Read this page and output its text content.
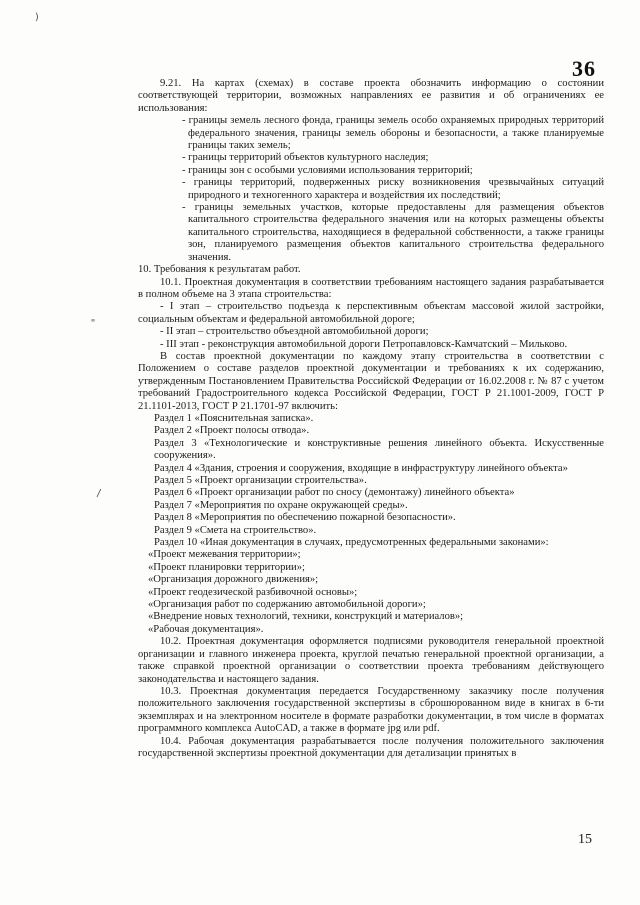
36
)
"
/

9.21. На картах (схемах) в составе проекта обозначить информацию о состоянии соответствующей территории, возможных направлениях ее развития и об ограничениях ее использования:

- границы земель лесного фонда, границы земель особо охраняемых природных территорий федерального значения, границы земель обороны и безопасности, а также планируемые границы таких земель;

- границы территорий объектов культурного наследия;

- границы зон с особыми условиями использования территорий;

- границы территорий, подверженных риску возникновения чрезвычайных ситуаций природного и техногенного характера и воздействия их последствий;

- границы земельных участков, которые предоставлены для размещения объектов капитального строительства федерального значения или на которых размещены объекты капитального строительства, находящиеся в федеральной собственности, а также границы зон, планируемого размещения объектов капитального строительства федерального значения.

10. Требования к результатам работ.

10.1. Проектная документация в соответствии требованиям настоящего задания разрабатывается в полном объеме на 3 этапа строительства:

- I этап – строительство подъезда к перспективным объектам массовой жилой застройки, социальным объектам и федеральной автомобильной дороге;

- II этап – строительство объездной автомобильной дороги;

- III этап - реконструкция автомобильной дороги Петропавловск-Камчатский – Мильково.

В состав проектной документации по каждому этапу строительства в соответствии с Положением о составе разделов проектной документации и требованиях к их содержанию, утвержденным Постановлением Правительства Российской Федерации от 16.02.2008 г. № 87 с учетом требований Градостроительного кодекса Российской Федерации, ГОСТ Р 21.1001-2009, ГОСТ Р 21.1101-2013, ГОСТ Р 21.1701-97 включить:

Раздел 1 «Пояснительная записка».

Раздел 2 «Проект полосы отвода».

Раздел 3 «Технологические и конструктивные решения линейного объекта. Искусственные сооружения».

Раздел 4 «Здания, строения и сооружения, входящие в инфраструктуру линейного объекта»

Раздел 5 «Проект организации строительства».

Раздел 6 «Проект организации работ по сносу (демонтажу) линейного объекта»

Раздел 7 «Мероприятия по охране окружающей среды».

Раздел 8 «Мероприятия по обеспечению пожарной безопасности».

Раздел 9 «Смета на строительство».

Раздел 10 «Иная документация в случаях, предусмотренных федеральными законами»:

«Проект межевания территории»;

«Проект планировки территории»;

«Организация дорожного движения»;

«Проект геодезической разбивочной основы»;

«Организация работ по содержанию автомобильной дороги»;

«Внедрение новых технологий, техники, конструкций и материалов»;

«Рабочая документация».

10.2. Проектная документация оформляется подписями руководителя генеральной проектной организации и главного инженера проекта, круглой печатью генеральной проектной организации, а также справкой проектной организации о соответствии проекта требованиям действующего законодательства и настоящего задания.

10.3. Проектная документация передается Государственному заказчику после получения положительного заключения государственной экспертизы в сброшюрованном виде в книгах в 6-ти экземплярах и на электронном носителе в формате разработки документации, в том числе в форматах программного комплекса AutoCAD, а также в формате jpg или pdf.

10.4. Рабочая документация разрабатывается после получения положительного заключения государственной экспертизы проектной документации для детализации принятых в

15
